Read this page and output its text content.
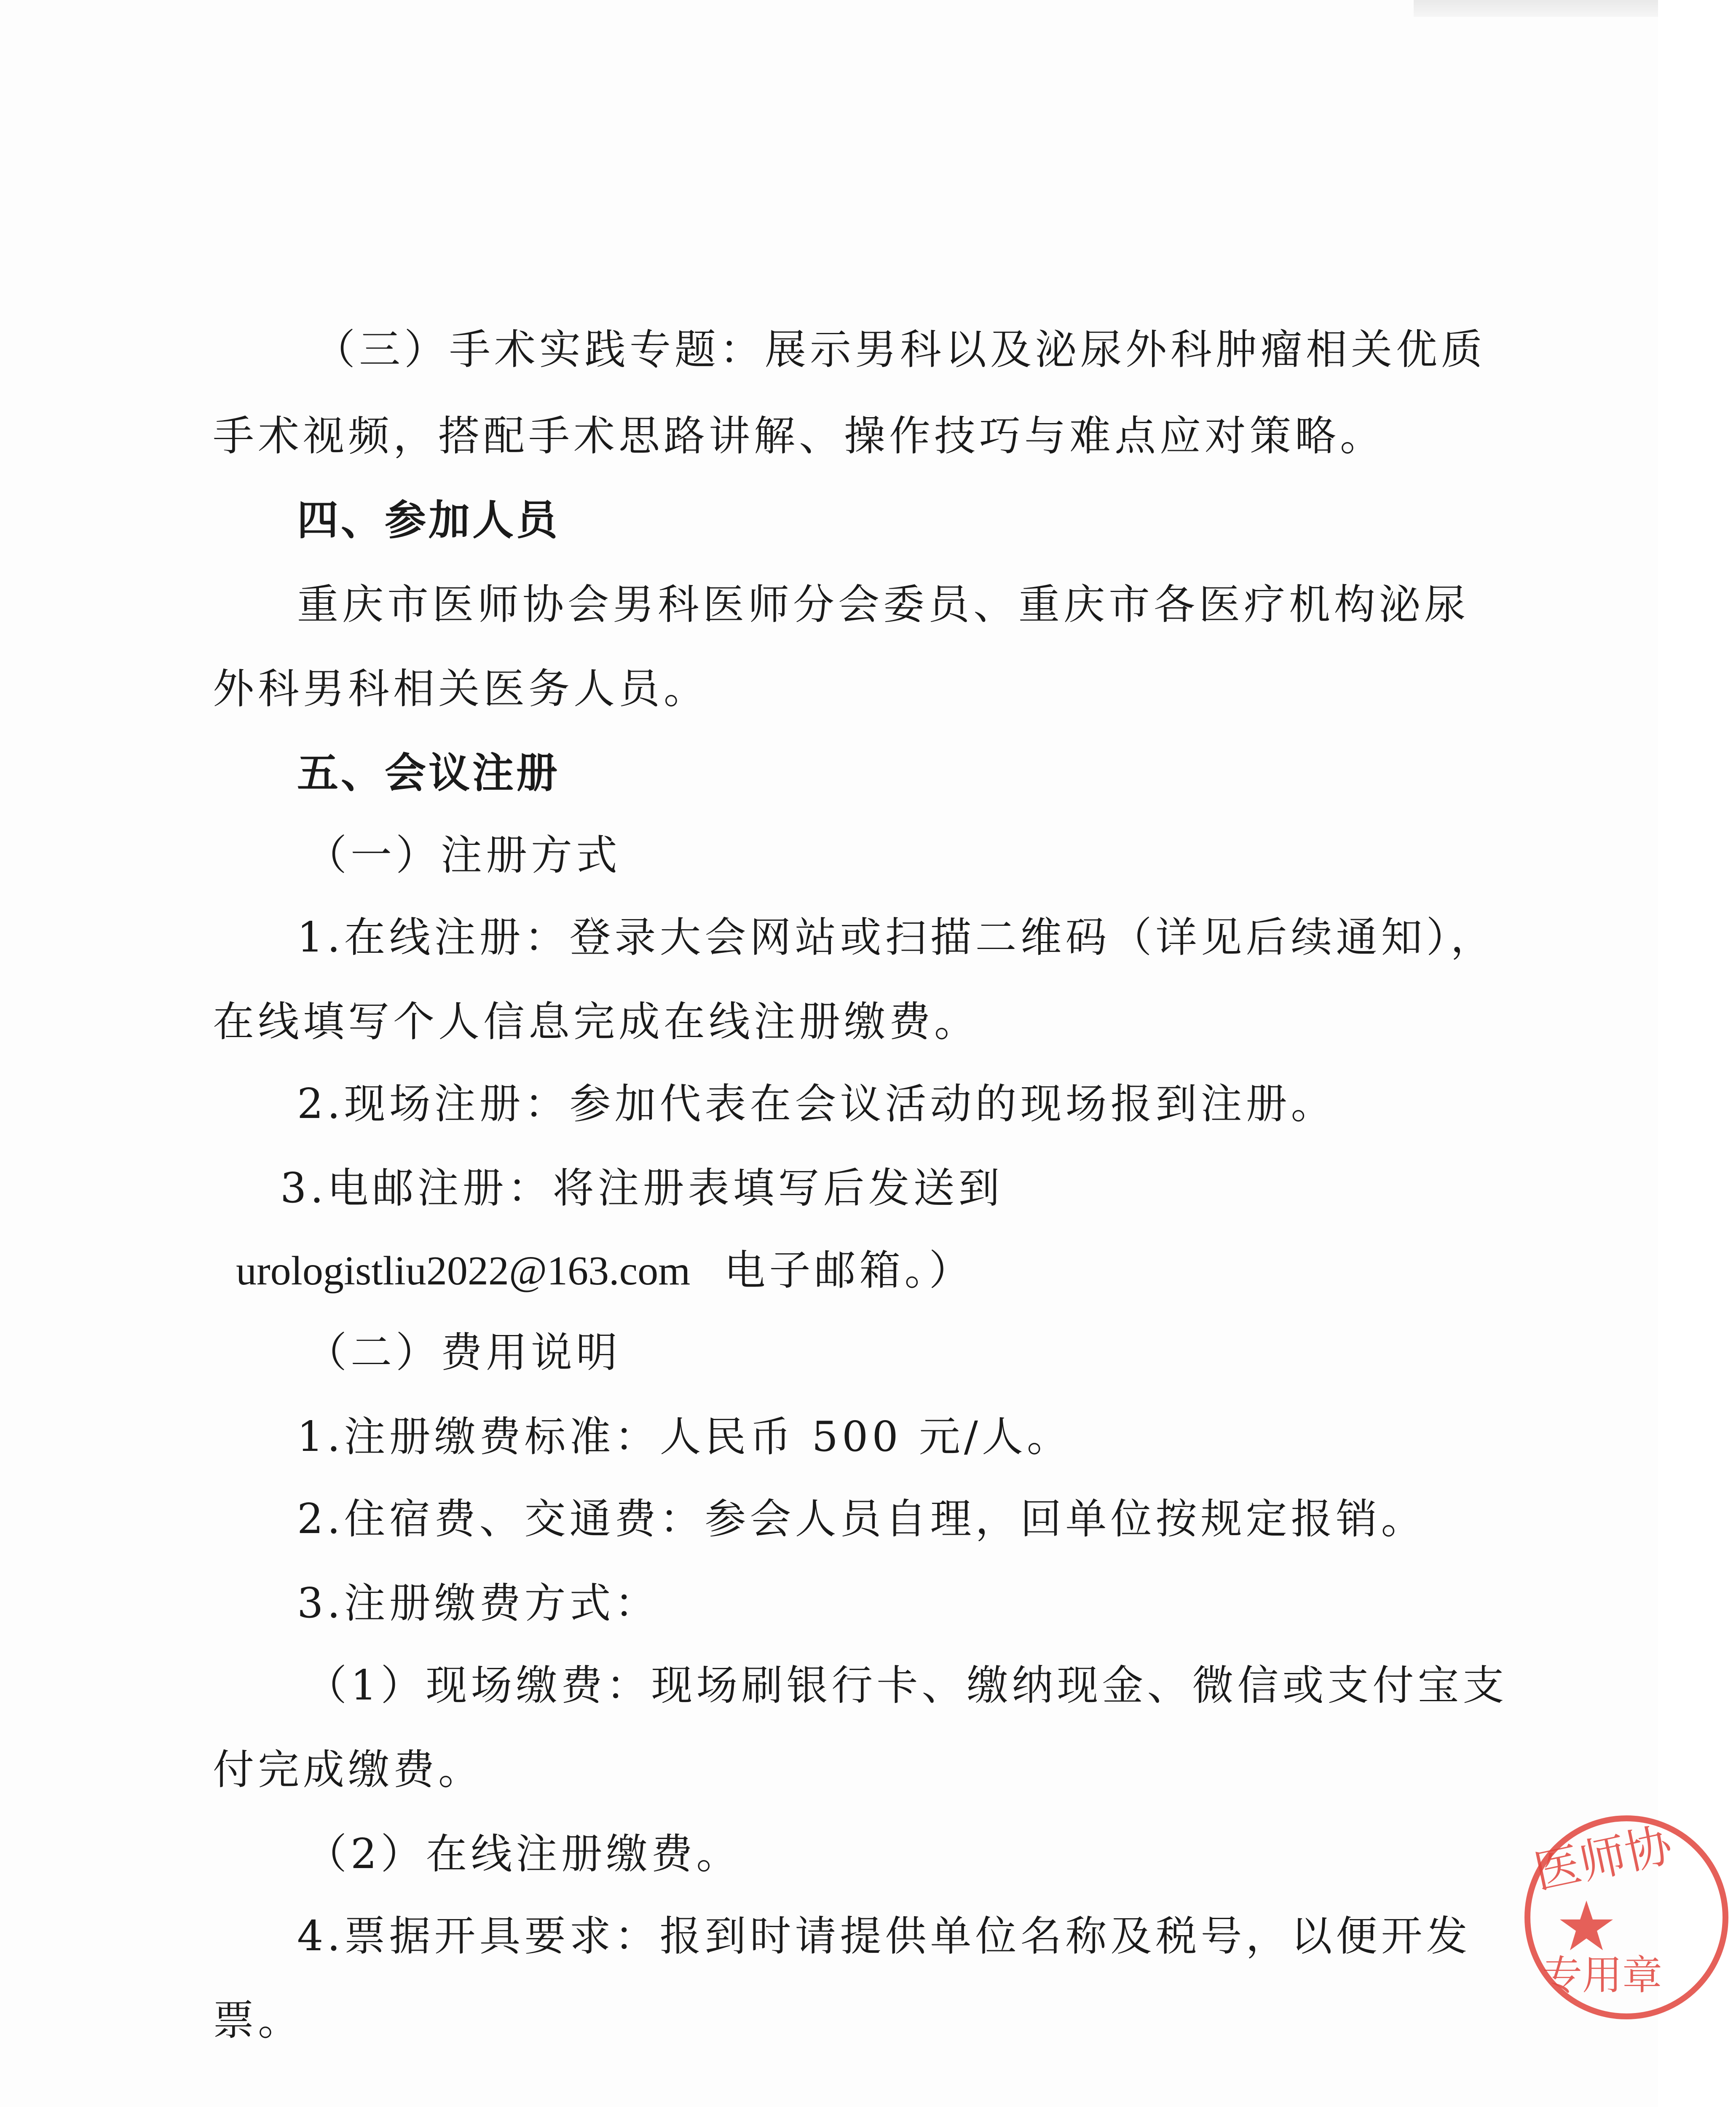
（三）手术实践专题：展示男科以及泌尿外科肿瘤相关优质
手术视频，搭配手术思路讲解、操作技巧与难点应对策略。
四、参加人员
重庆市医师协会男科医师分会委员、重庆市各医疗机构泌尿
外科男科相关医务人员。
五、会议注册
（一）注册方式
1.在线注册：登录大会网站或扫描二维码（详见后续通知），
在线填写个人信息完成在线注册缴费。
2.现场注册：参加代表在会议活动的现场报到注册。
3.电邮注册：将注册表填写后发送到
urologistliu2022@163.com 电子邮箱。）
（二）费用说明
1.注册缴费标准：人民币 500 元/人。
2.住宿费、交通费：参会人员自理，回单位按规定报销。
3.注册缴费方式：
（1）现场缴费：现场刷银行卡、缴纳现金、微信或支付宝支
付完成缴费。
（2）在线注册缴费。
4.票据开具要求：报到时请提供单位名称及税号，以便开发
票。
医师协
专用章
